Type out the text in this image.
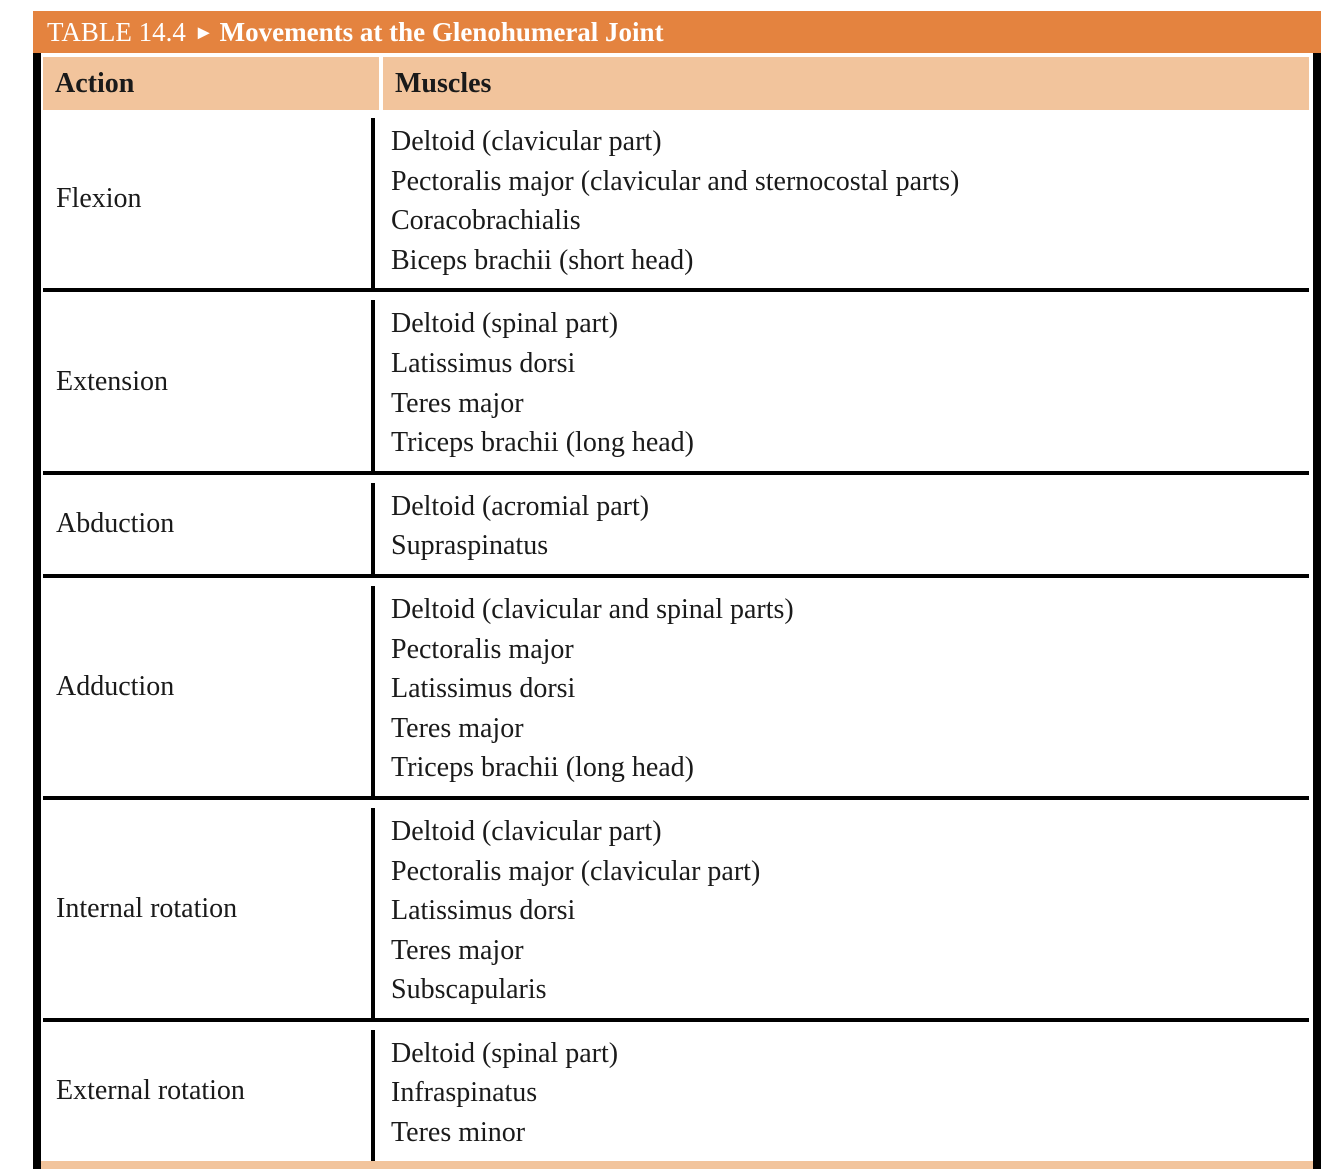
TABLE 14.4 ► Movements at the Glenohumeral Joint
Action	Muscles
Flexion
Deltoid (clavicular part)
Pectoralis major (clavicular and sternocostal parts)
Coracobrachialis
Biceps brachii (short head)
Extension
Deltoid (spinal part)
Latissimus dorsi
Teres major
Triceps brachii (long head)
Abduction
Deltoid (acromial part)
Supraspinatus
Adduction
Deltoid (clavicular and spinal parts)
Pectoralis major
Latissimus dorsi
Teres major
Triceps brachii (long head)
Internal rotation
Deltoid (clavicular part)
Pectoralis major (clavicular part)
Latissimus dorsi
Teres major
Subscapularis
External rotation
Deltoid (spinal part)
Infraspinatus
Teres minor
